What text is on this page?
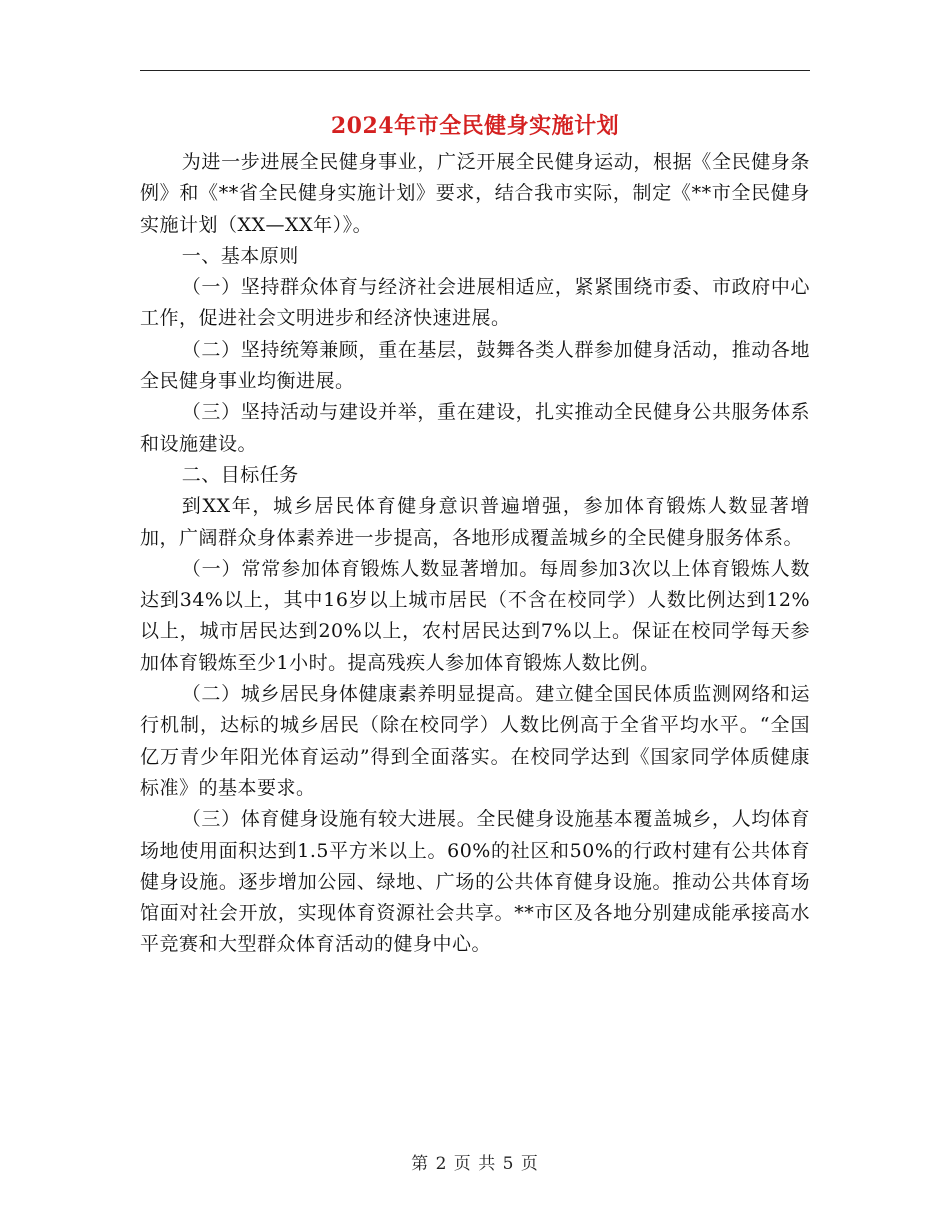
2024年市全民健身实施计划

为进一步进展全民健身事业，广泛开展全民健身运动，根据《全民健身条例》和《**省全民健身实施计划》要求，结合我市实际，制定《**市全民健身实施计划（XX—XX年）》。

一、基本原则

（一）坚持群众体育与经济社会进展相适应，紧紧围绕市委、市政府中心工作，促进社会文明进步和经济快速进展。

（二）坚持统筹兼顾，重在基层，鼓舞各类人群参加健身活动，推动各地全民健身事业均衡进展。

（三）坚持活动与建设并举，重在建设，扎实推动全民健身公共服务体系和设施建设。

二、目标任务

到XX年，城乡居民体育健身意识普遍增强，参加体育锻炼人数显著增加，广阔群众身体素养进一步提高，各地形成覆盖城乡的全民健身服务体系。

（一）常常参加体育锻炼人数显著增加。每周参加3次以上体育锻炼人数达到34%以上，其中16岁以上城市居民（不含在校同学）人数比例达到12%以上，城市居民达到20%以上，农村居民达到7%以上。保证在校同学每天参加体育锻炼至少1小时。提高残疾人参加体育锻炼人数比例。

（二）城乡居民身体健康素养明显提高。建立健全国民体质监测网络和运行机制，达标的城乡居民（除在校同学）人数比例高于全省平均水平。“全国亿万青少年阳光体育运动”得到全面落实。在校同学达到《国家同学体质健康标准》的基本要求。

（三）体育健身设施有较大进展。全民健身设施基本覆盖城乡，人均体育场地使用面积达到1.5平方米以上。60%的社区和50%的行政村建有公共体育健身设施。逐步增加公园、绿地、广场的公共体育健身设施。推动公共体育场馆面对社会开放，实现体育资源社会共享。**市区及各地分别建成能承接高水平竞赛和大型群众体育活动的健身中心。

第 2 页 共 5 页
